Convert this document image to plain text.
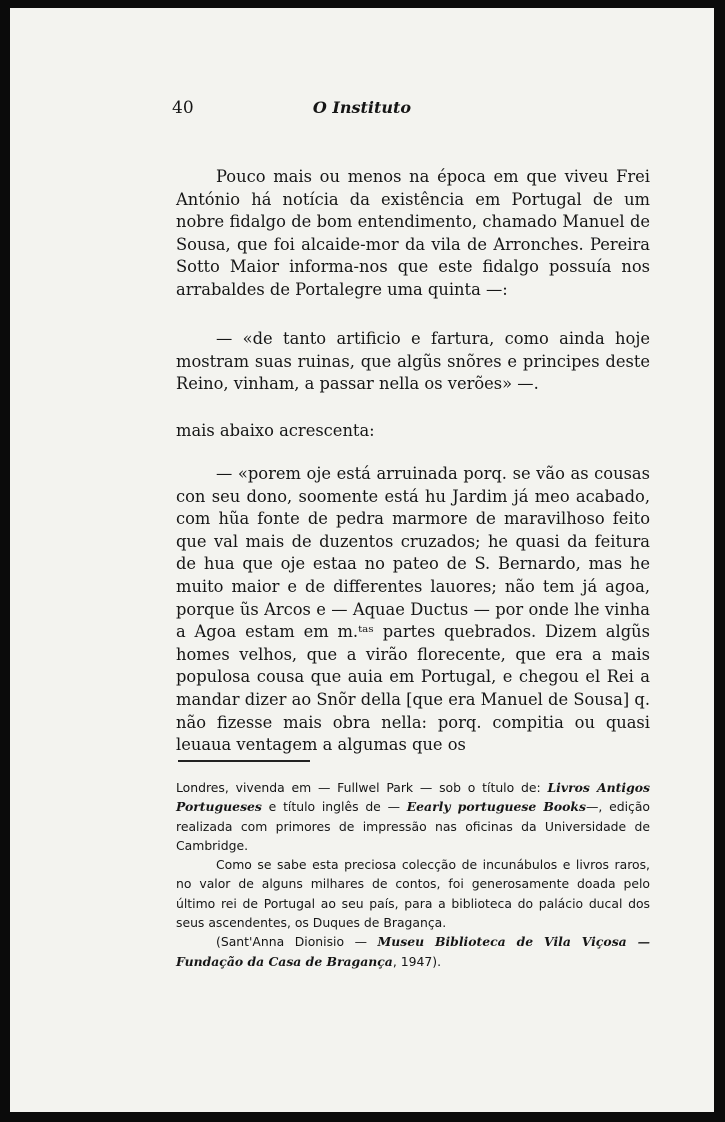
40	O Instituto

Pouco mais ou menos na época em que viveu Frei António há notícia da existência em Portugal de um nobre fidalgo de bom entendimento, chamado Manuel de Sousa, que foi alcaide-mor da vila de Arronches. Pereira Sotto Maior informa-nos que este fidalgo possuía nos arrabaldes de Portalegre uma quinta —:

— «de tanto artificio e fartura, como ainda hoje mostram suas ruinas, que algũs snõres e principes deste Reino, vinham, a passar nella os verões» —.

mais abaixo acrescenta:

— «porem oje está arruinada porq. se vão as cousas con seu dono, soomente está hu Jardim já meo acabado, com hũa fonte de pedra marmore de maravilhoso feito que val mais de duzentos cruzados; he quasi da feitura de hua que oje estaa no pateo de S. Bernardo, mas he muito maior e de differentes lauores; não tem já agoa, porque ũs Arcos e — Aquae Ductus — por onde lhe vinha a Agoa estam em m.ᵗᵃˢ partes quebrados. Dizem algũs homes velhos, que a virão florecente, que era a mais populosa cousa que auia em Portugal, e chegou el Rei a mandar dizer ao Snõr della [que era Manuel de Sousa] q. não fizesse mais obra nella: porq. compitia ou quasi leuaua ventagem a algumas que os

Londres, vivenda em — Fullwel Park — sob o título de: Livros Antigos Portugueses e título inglês de — Eearly portuguese Books—, edição realizada com primores de impressão nas oficinas da Universidade de Cambridge.

Como se sabe esta preciosa colecção de incunábulos e livros raros, no valor de alguns milhares de contos, foi generosamente doada pelo último rei de Portugal ao seu país, para a biblioteca do palácio ducal dos seus ascendentes, os Duques de Bragança.

(Sant'Anna Dionisio — Museu Biblioteca de Vila Viçosa — Fundação da Casa de Bragança, 1947).
